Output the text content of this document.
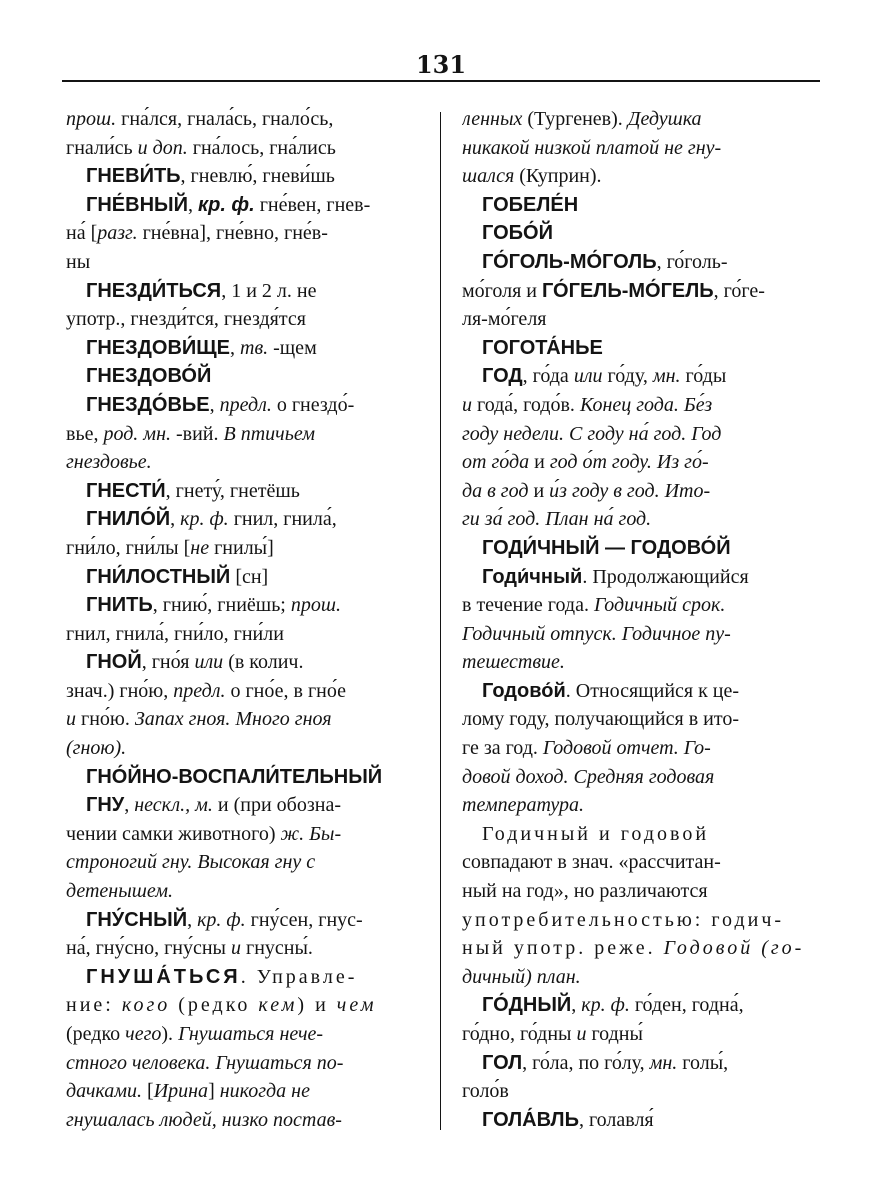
131
прош. гна́лся, гнала́сь, гнало́сь,
гнали́сь и доп. гна́лось, гна́лись
ГНЕВИ́ТЬ, гневлю́, гневи́шь
ГНЕ́ВНЫЙ, кр. ф. гне́вен, гнев-
на́ [разг. гне́вна], гне́вно, гне́в-
ны
ГНЕЗДИ́ТЬСЯ, 1 и 2 л. не
употр., гнезди́тся, гнездя́тся
ГНЕЗДОВИ́ЩЕ, тв. -щем
ГНЕЗДОВО́Й
ГНЕЗДО́ВЬЕ, предл. о гнездо́-
вье, род. мн. -вий. В птичьем
гнездовье.
ГНЕСТИ́, гнету́, гнетёшь
ГНИЛО́Й, кр. ф. гнил, гнила́,
гни́ло, гни́лы [не гнилы́]
ГНИ́ЛОСТНЫЙ [сн]
ГНИТЬ, гнию́, гниёшь; прош.
гнил, гнила́, гни́ло, гни́ли
ГНОЙ, гно́я или (в колич.
знач.) гно́ю, предл. о гно́е, в гно́е
и гно́ю. Запах гноя. Много гноя
(гною).
ГНО́ЙНО-ВОСПАЛИ́ТЕЛЬНЫЙ
ГНУ, нескл., м. и (при обозна-
чении самки животного) ж. Бы-
строногий гну. Высокая гну с
детенышем.
ГНУ́СНЫЙ, кр. ф. гну́сен, гнус-
на́, гну́сно, гну́сны и гнусны́.
ГНУША́ТЬСЯ. Управле-
ние: кого (редко кем) и чем
(редко чего). Гнушаться нече-
стного человека. Гнушаться по-
дачками. [Ирина] никогда не
гнушалась людей, низко постав-
ленных (Тургенев). Дедушка
никакой низкой платой не гну-
шался (Куприн).
ГОБЕЛЕ́Н
ГОБО́Й
ГО́ГОЛЬ-МО́ГОЛЬ, го́голь-
мо́голя и ГО́ГЕЛЬ-МО́ГЕЛЬ, го́ге-
ля-мо́геля
ГОГОТА́НЬЕ
ГОД, го́да или го́ду, мн. го́ды
и года́, годо́в. Конец года. Бе́з
году недели. С году на́ год. Год
от го́да и год о́т году. Из го́-
да в год и и́з году в год. Ито-
ги за́ год. План на́ год.
ГОДИ́ЧНЫЙ — ГОДОВО́Й
Годи́чный. Продолжающийся
в течение года. Годичный срок.
Годичный отпуск. Годичное пу-
тешествие.
Годово́й. Относящийся к це-
лому году, получающийся в ито-
ге за год. Годовой отчет. Го-
довой доход. Средняя годовая
температура.
Годичный и годовой
совпадают в знач. «рассчитан-
ный на год», но различаются
употребительностью: годич-
ный употр. реже. Годовой (го-
дичный) план.
ГО́ДНЫЙ, кр. ф. го́ден, годна́,
го́дно, го́дны и годны́
ГОЛ, го́ла, по го́лу, мн. голы́,
голо́в
ГОЛА́ВЛЬ, голавля́
